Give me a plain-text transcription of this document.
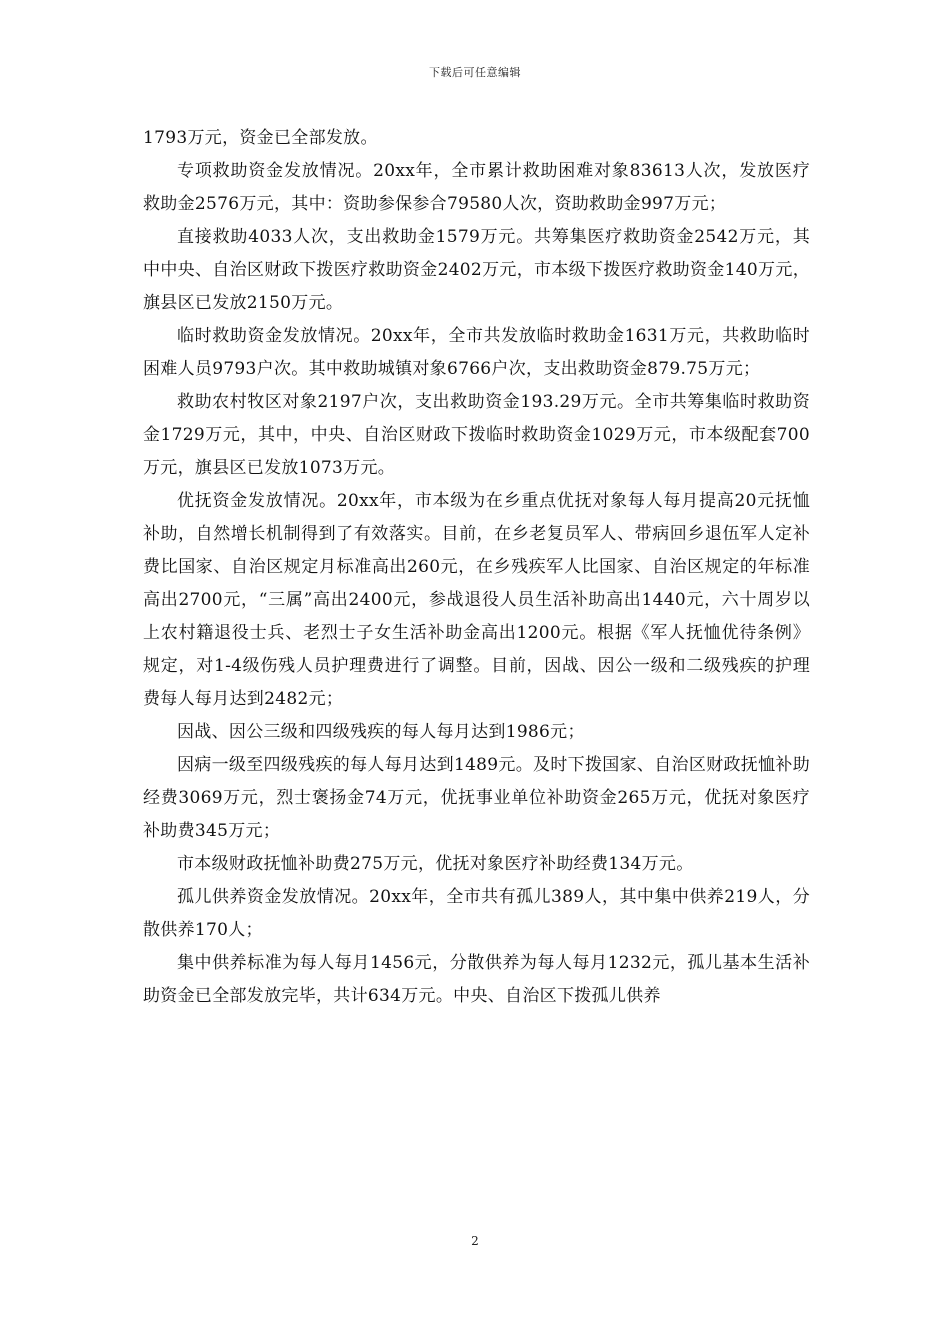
下载后可任意编辑

1793万元，资金已全部发放。

专项救助资金发放情况。20xx年，全市累计救助困难对象83613人次，发放医疗救助金2576万元，其中：资助参保参合79580人次，资助救助金997万元；

直接救助4033人次，支出救助金1579万元。共筹集医疗救助资金2542万元，其中中央、自治区财政下拨医疗救助资金2402万元，市本级下拨医疗救助资金140万元，旗县区已发放2150万元。

临时救助资金发放情况。20xx年，全市共发放临时救助金1631万元，共救助临时困难人员9793户次。其中救助城镇对象6766户次，支出救助资金879.75万元；

救助农村牧区对象2197户次，支出救助资金193.29万元。全市共筹集临时救助资金1729万元，其中，中央、自治区财政下拨临时救助资金1029万元，市本级配套700万元，旗县区已发放1073万元。

优抚资金发放情况。20xx年，市本级为在乡重点优抚对象每人每月提高20元抚恤补助，自然增长机制得到了有效落实。目前，在乡老复员军人、带病回乡退伍军人定补费比国家、自治区规定月标准高出260元，在乡残疾军人比国家、自治区规定的年标准高出2700元，“三属”高出2400元，参战退役人员生活补助高出1440元，六十周岁以上农村籍退役士兵、老烈士子女生活补助金高出1200元。根据《军人抚恤优待条例》规定，对1-4级伤残人员护理费进行了调整。目前，因战、因公一级和二级残疾的护理费每人每月达到2482元；

因战、因公三级和四级残疾的每人每月达到1986元；

因病一级至四级残疾的每人每月达到1489元。及时下拨国家、自治区财政抚恤补助经费3069万元，烈士褒扬金74万元，优抚事业单位补助资金265万元，优抚对象医疗补助费345万元；

市本级财政抚恤补助费275万元，优抚对象医疗补助经费134万元。

孤儿供养资金发放情况。20xx年，全市共有孤儿389人，其中集中供养219人，分散供养170人；

集中供养标准为每人每月1456元，分散供养为每人每月1232元，孤儿基本生活补助资金已全部发放完毕，共计634万元。中央、自治区下拨孤儿供养

2
